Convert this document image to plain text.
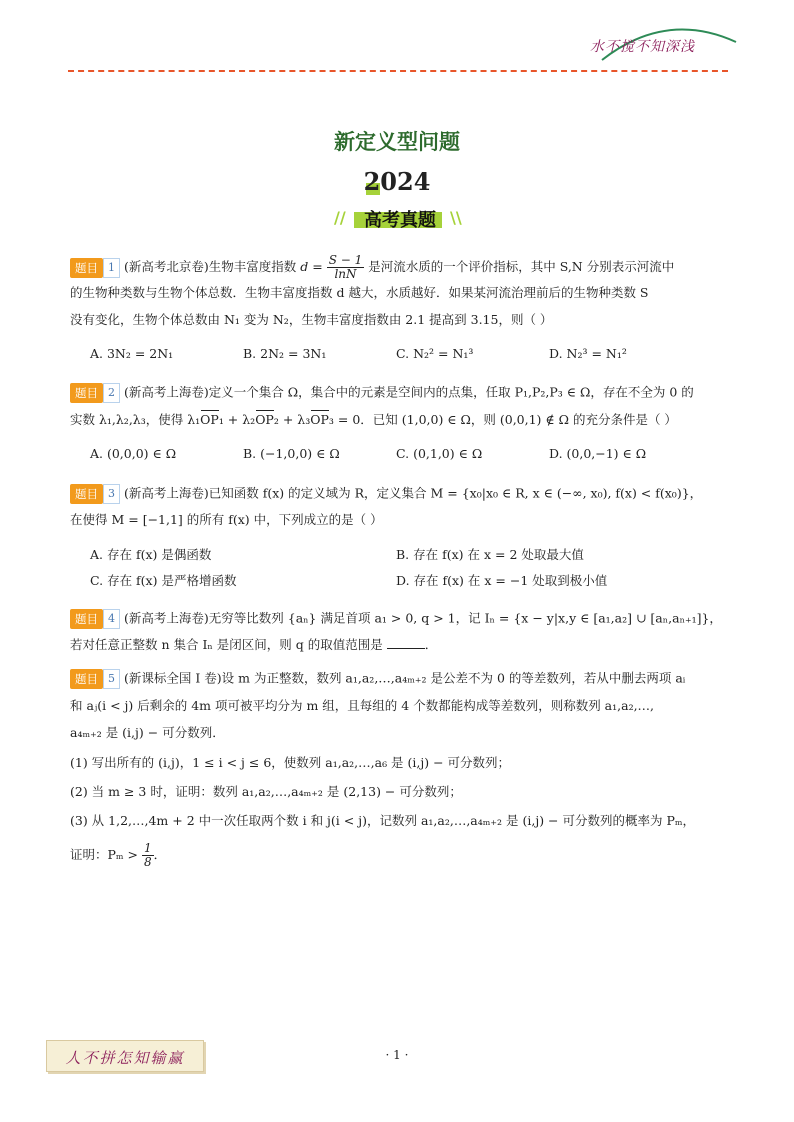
水不搅不知深浅
新定义型问题
2024
//	高考真题 \\
题目 1 (新高考北京卷)生物丰富度指数 $d = \frac{S - 1}{\ln N}$ 是河流水质的一个评价指标，其中 S,N 分别表示河流中
的生物种类数与生物个体总数．生物丰富度指数 d 越大，水质越好．如果某河流治理前后的生物种类数 S
没有变化，生物个体总数由 N₁ 变为 N₂，生物丰富度指数由 2.1 提高到 3.15，则（ ）
A. 3N₂ = 2N₁	B. 2N₂ = 3N₁	C. N₂² = N₁³	D. N₂³ = N₁²
题目 2 (新高考上海卷)定义一个集合 Ω，集合中的元素是空间内的点集，任取 P₁,P₂,P₃ ∈ Ω，存在不全为 0 的
实数 λ₁,λ₂,λ₃，使得 λ₁OP₁ + λ₂OP₂ + λ₃OP₃ = 0．已知 (1,0,0) ∈ Ω，则 (0,0,1) ∉ Ω 的充分条件是（ ）
A. (0,0,0) ∈ Ω	B. (−1,0,0) ∈ Ω	C. (0,1,0) ∈ Ω	D. (0,0,−1) ∈ Ω
题目 3 (新高考上海卷)已知函数 f(x) 的定义域为 R，定义集合 M = {x₀|x₀ ∈ R, x ∈ (−∞, x₀), f(x) < f(x₀)}，
在使得 M = [−1,1] 的所有 f(x) 中，下列成立的是（ ）
A. 存在 f(x) 是偶函数	B. 存在 f(x) 在 x = 2 处取最大值
C. 存在 f(x) 是严格增函数	D. 存在 f(x) 在 x = −1 处取到极小值
题目 4 (新高考上海卷)无穷等比数列 {aₙ} 满足首项 a₁ > 0, q > 1，记 Iₙ = {x − y|x,y ∈ [a₁,a₂] ∪ [aₙ,aₙ₊₁]}，
若对任意正整数 n 集合 Iₙ 是闭区间，则 q 的取值范围是	．
题目 5 (新课标全国 I 卷)设 m 为正整数，数列 a₁,a₂,…,a₄ₘ₊₂ 是公差不为 0 的等差数列，若从中删去两项 aᵢ
和 aⱼ(i < j) 后剩余的 4m 项可被平均分为 m 组，且每组的 4 个数都能构成等差数列，则称数列 a₁,a₂,…,
a₄ₘ₊₂ 是 (i,j) − 可分数列．
(1) 写出所有的 (i,j)，1 ≤ i < j ≤ 6，使数列 a₁,a₂,…,a₆ 是 (i,j) − 可分数列；
(2) 当 m ≥ 3 时，证明：数列 a₁,a₂,…,a₄ₘ₊₂ 是 (2,13) − 可分数列；
(3) 从 1,2,…,4m + 2 中一次任取两个数 i 和 j(i < j)，记数列 a₁,a₂,…,a₄ₘ₊₂ 是 (i,j) − 可分数列的概率为 Pₘ，
证明：$P_m > \frac{1}{8}$ ．
人不拼怎知输赢	· 1 ·
